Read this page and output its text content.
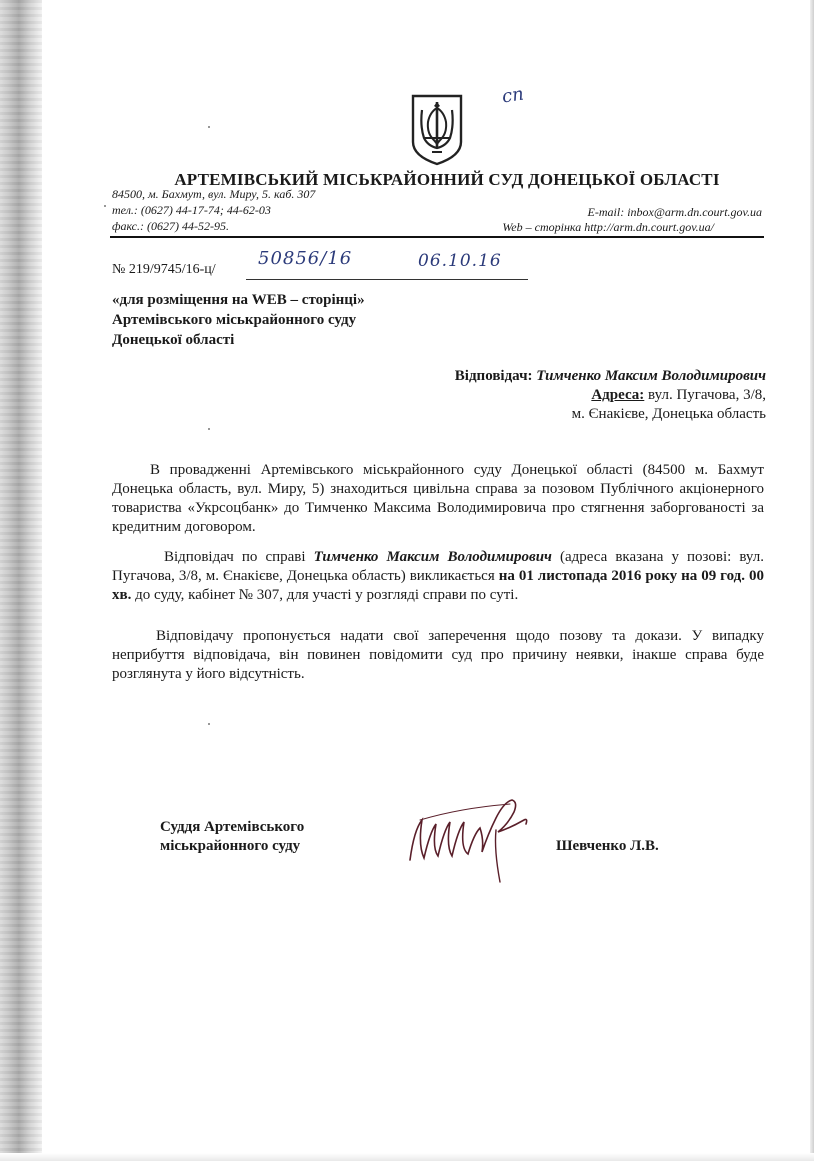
сп
АРТЕМІВСЬКИЙ МІСЬКРАЙОННИЙ СУД ДОНЕЦЬКОЇ ОБЛАСТІ
84500, м. Бахмут, вул. Миру, 5. каб. 307
тел.: (0627) 44-17-74; 44-62-03
факс.: (0627) 44-52-95.
E-mail: inbox@arm.dn.court.gov.ua
Web – сторінка http://arm.dn.court.gov.ua/
№ 219/9745/16-ц/
50856/16	06.10.16
«для розміщення на WEB – сторінці»
Артемівського міськрайонного суду
Донецької області
Відповідач: Тимченко Максим Володимирович
Адреса: вул. Пугачова, 3/8,
м. Єнакієве, Донецька область
В провадженні Артемівського міськрайонного суду Донецької області (84500 м. Бахмут Донецька область, вул. Миру, 5) знаходиться цивільна справа за позовом Публічного акціонерного товариства «Укрсоцбанк» до Тимченко Максима Володимировича про стягнення заборгованості за кредитним договором.
Відповідач по справі Тимченко Максим Володимирович (адреса вказана у позові: вул. Пугачова, 3/8, м. Єнакієве, Донецька область) викликається на 01 листопада 2016 року на 09 год. 00 хв. до суду, кабінет № 307, для участі у розгляді справи по суті.
Відповідачу пропонується надати свої заперечення щодо позову та докази. У випадку неприбуття відповідача, він повинен повідомити суд про причину неявки, інакше справа буде розглянута у його відсутність.
Суддя Артемівського
міськрайонного суду	Шевченко Л.В.
